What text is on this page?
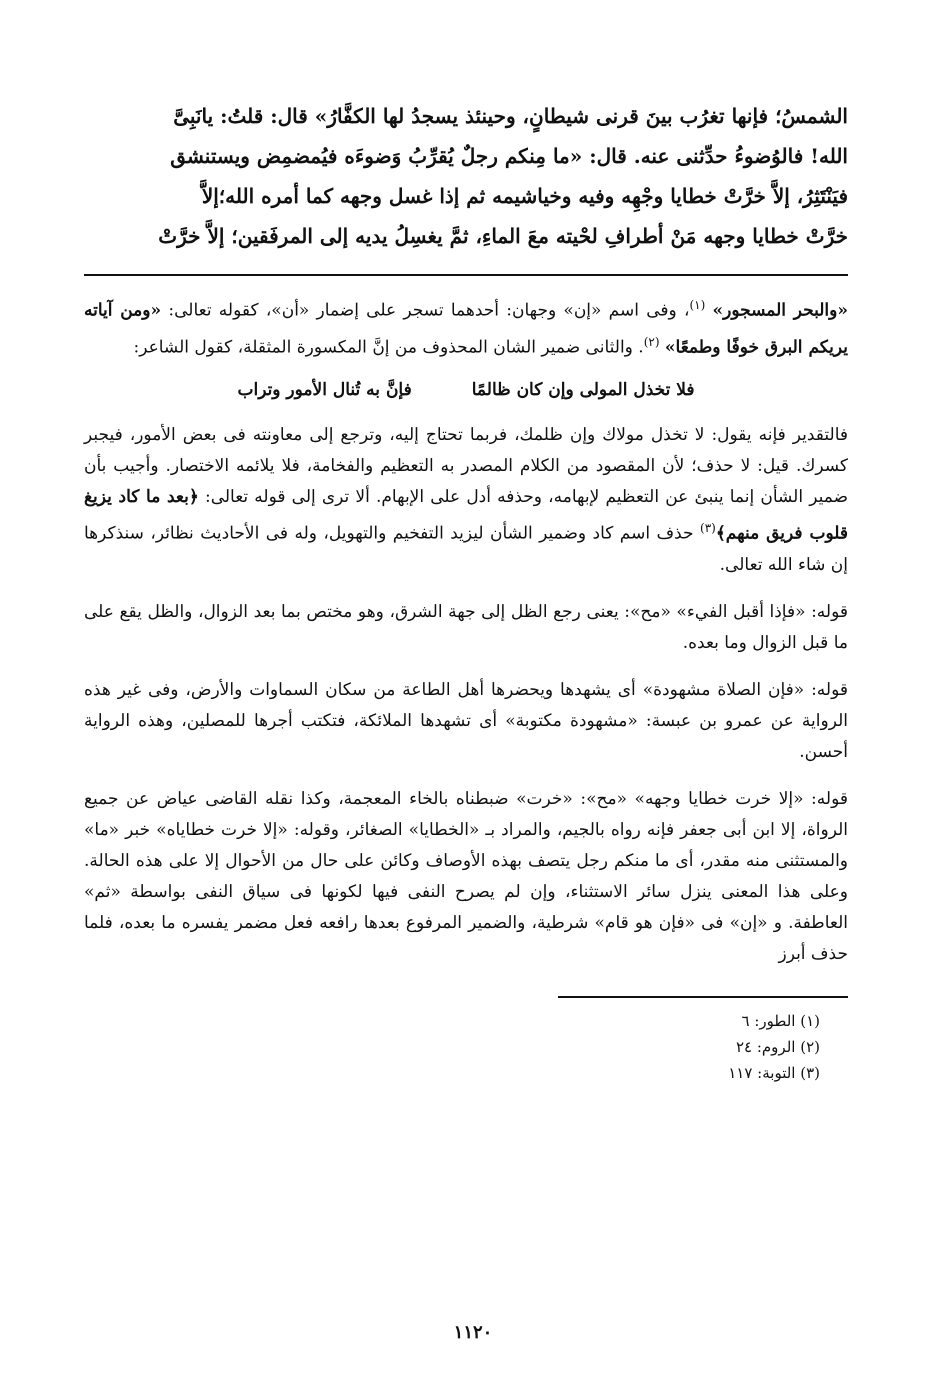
الشمسُ؛ فإنها تغرُب بينَ قرنى شيطانٍ، وحينئذ يسجدُ لها الكفَّارُ» قال: قلتُ: يانَبِىَّ

الله! فالوُضوءُ حدِّثنى عنه. قال: «ما مِنكم رجلٌ يُقرِّبُ وَضوءَه فيُمضمِض ويستنشق

فيَنْتَثِرُ، إلاَّ خرَّتْ خطايا وجْهِه وفيه وخياشيمه ثم إذا غسل وجهه كما أمره الله؛إلاَّ

خرَّتْ خطايا وجهه مَنْ أطرافِ لحْيته معَ الماءِ، ثمَّ يغسِلُ يديه إلى المرفَقين؛ إلاَّ خرَّتْ

«والبحر المسجور» $^{(١)}$، وفى اسم «إن» وجهان: أحدهما تسجر على إضمار «أن»، كقوله تعالى: «ومن آياته يريكم البرق خوفًا وطمعًا» $^{(٢)}$. والثانى ضمير الشان المحذوف من إنَّ المكسورة المثقلة، كقول الشاعر:

فلا تخذل المولى وإن كان ظالمًا
فإنَّ به تُنال الأمور وتراب

فالتقدير فإنه يقول: لا تخذل مولاك وإن ظلمك، فربما تحتاج إليه، وترجع إلى معاونته فى بعض الأمور، فيجبر كسرك. قيل: لا حذف؛ لأن المقصود من الكلام المصدر به التعظيم والفخامة، فلا يلائمه الاختصار. وأجيب بأن ضمير الشأن إنما ينبئ عن التعظيم لإبهامه، وحذفه أدل على الإبهام. ألا ترى إلى قوله تعالى: ﴿بعد ما كاد يزيغ قلوب فريق منهم﴾$^{(٣)}$ حذف اسم كاد وضمير الشأن ليزيد التفخيم والتهويل، وله فى الأحاديث نظائر، سنذكرها إن شاء الله تعالى.

قوله: «فإذا أقبل الفيء» «مح»: يعنى رجع الظل إلى جهة الشرق، وهو مختص بما بعد الزوال، والظل يقع على ما قبل الزوال وما بعده.

قوله: «فإن الصلاة مشهودة» أى يشهدها ويحضرها أهل الطاعة من سكان السماوات والأرض، وفى غير هذه الرواية عن عمرو بن عبسة: «مشهودة مكتوبة» أى تشهدها الملائكة، فتكتب أجرها للمصلين، وهذه الرواية أحسن.

قوله: «إلا خرت خطايا وجهه» «مح»: «خرت» ضبطناه بالخاء المعجمة، وكذا نقله القاضى عياض عن جميع الرواة، إلا ابن أبى جعفر فإنه رواه بالجيم، والمراد بـ «الخطايا» الصغائر، وقوله: «إلا خرت خطاياه» خبر «ما» والمستثنى منه مقدر، أى ما منكم رجل يتصف بهذه الأوصاف وكائن على حال من الأحوال إلا على هذه الحالة. وعلى هذا المعنى ينزل سائر الاستثناء، وإن لم يصرح النفى فيها لكونها فى سياق النفى بواسطة «ثم» العاطفة. و «إن» فى «فإن هو قام» شرطية، والضمير المرفوع بعدها رافعه فعل مضمر يفسره ما بعده، فلما حذف أبرز

(١) الطور: ٦
(٢) الروم: ٢٤
(٣) التوبة: ١١٧
١١٢٠
